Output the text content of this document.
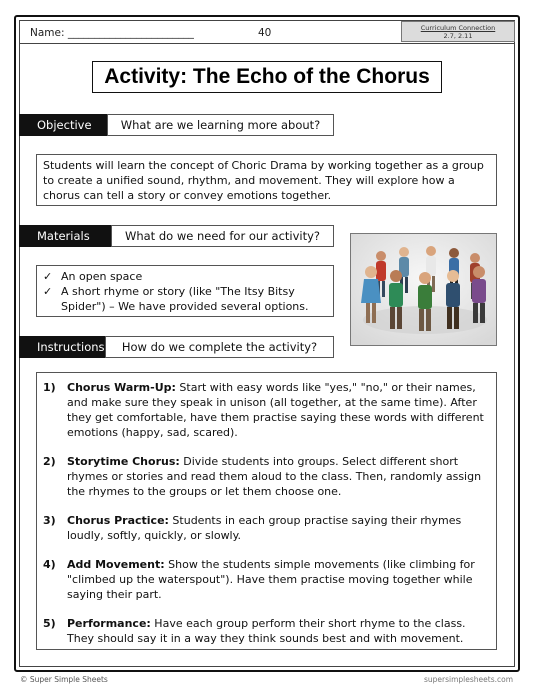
Name: ________________________	40	Curriculum Connection
2.7, 2.11
Activity: The Echo of the Chorus
Objective	What are we learning more about?
Students will learn the concept of Choric Drama by working together as a group to create a unified sound, rhythm, and movement. They will explore how a chorus can tell a story or convey emotions together.
Materials	What do we need for our activity?
✓ An open space
✓ A short rhyme or story (like "The Itsy Bitsy Spider") – We have provided several options.
Instructions	How do we complete the activity?
1)	Chorus Warm-Up: Start with easy words like "yes," "no," or their names, and make sure they speak in unison (all together, at the same time). After they get comfortable, have them practise saying these words with different emotions (happy, sad, scared).
2)	Storytime Chorus: Divide students into groups. Select different short rhymes or stories and read them aloud to the class. Then, randomly assign the rhymes to the groups or let them choose one.
3)	Chorus Practice: Students in each group practise saying their rhymes loudly, softly, quickly, or slowly.
4)	Add Movement: Show the students simple movements (like climbing for "climbed up the waterspout"). Have them practise moving together while saying their part.
5)	Performance: Have each group perform their short rhyme to the class. They should say it in a way they think sounds best and with movement.
© Super Simple Sheets	supersimplesheets.com
